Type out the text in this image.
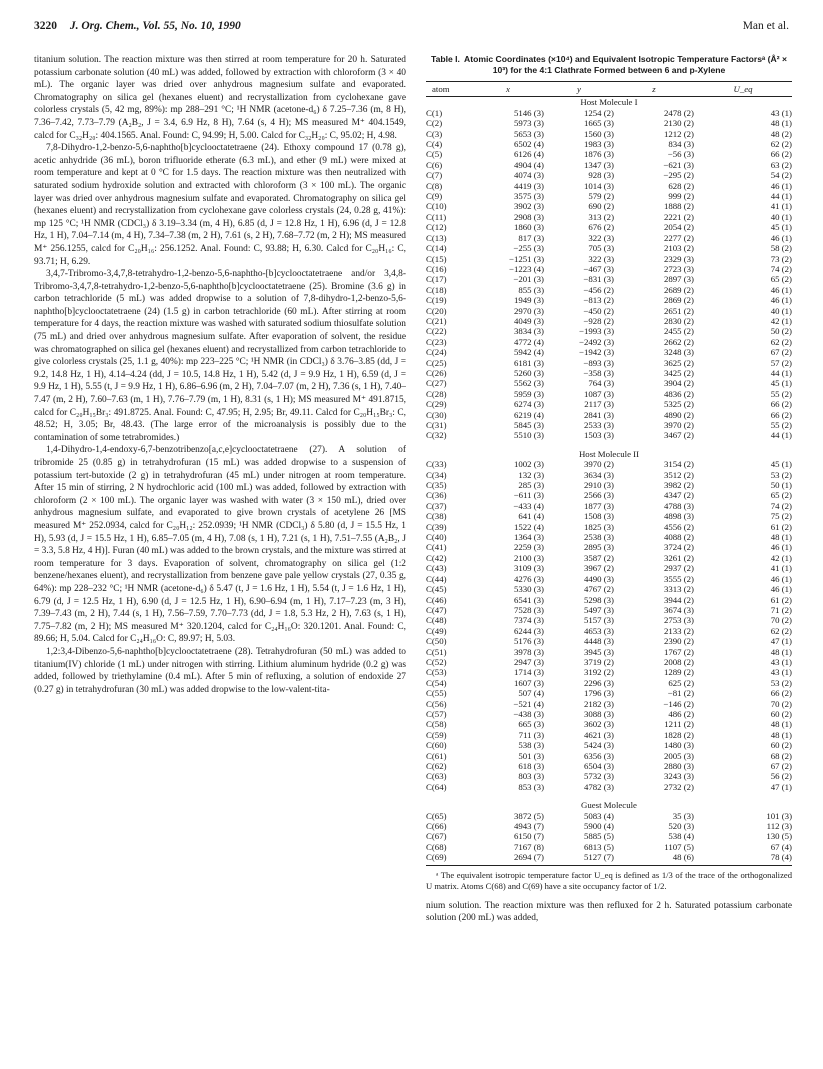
3220 J. Org. Chem., Vol. 55, No. 10, 1990	Man et al.

titanium solution. The reaction mixture was then stirred at room temperature for 20 h. Saturated potassium carbonate solution (40 mL) was added, followed by extraction with chloroform (3 × 40 mL). The organic layer was dried over anhydrous magnesium sulfate and evaporated. Chromatography on silica gel (hexanes eluent) and recrystallization from cyclohexane gave colorless crystals (5, 42 mg, 89%): mp 288–291 °C; ¹H NMR (acetone-d₆) δ 7.25–7.36 (m, 8 H), 7.36–7.42, 7.73–7.79 (A₂B₂, J = 3.4, 6.9 Hz, 8 H), 7.64 (s, 4 H); MS measured M⁺ 404.1549, calcd for C₃₂H₂₀: 404.1565. Anal. Found: C, 94.99; H, 5.00. Calcd for C₃₂H₂₀: C, 95.02; H, 4.98.

7,8-Dihydro-1,2-benzo-5,6-naphtho[b]cyclooctatetraene (24). Ethoxy compound 17 (0.78 g), acetic anhydride (36 mL), boron trifluoride etherate (6.3 mL), and ether (9 mL) were mixed at room temperature and kept at 0 °C for 1.5 days. The reaction mixture was then neutralized with saturated sodium hydroxide solution and extracted with chloroform (3 × 100 mL). The organic layer was dried over anhydrous magnesium sulfate and evaporated. Chromatography on silica gel (hexanes eluent) and recrystallization from cyclohexane gave colorless crystals (24, 0.28 g, 41%): mp 125 °C; ¹H NMR (CDCl₃) δ 3.19–3.34 (m, 4 H), 6.85 (d, J = 12.8 Hz, 1 H), 6.96 (d, J = 12.8 Hz, 1 H), 7.04–7.14 (m, 4 H), 7.34–7.38 (m, 2 H), 7.61 (s, 2 H), 7.68–7.72 (m, 2 H); MS measured M⁺ 256.1255, calcd for C₂₀H₁₆: 256.1252. Anal. Found: C, 93.88; H, 6.30. Calcd for C₂₀H₁₆: C, 93.71; H, 6.29.

3,4,7-Tribromo-3,4,7,8-tetrahydro-1,2-benzo-5,6-naphtho-[b]cyclooctatetraene and/or 3,4,8-Tribromo-3,4,7,8-tetrahydro-1,2-benzo-5,6-naphtho[b]cyclooctatetraene (25). Bromine (3.6 g) in carbon tetrachloride (5 mL) was added dropwise to a solution of 7,8-dihydro-1,2-benzo-5,6-naphtho[b]cyclooctatetraene (24) (1.5 g) in carbon tetrachloride (60 mL). After stirring at room temperature for 4 days, the reaction mixture was washed with saturated sodium thiosulfate solution (75 mL) and dried over anhydrous magnesium sulfate. After evaporation of solvent, the residue was chromatographed on silica gel (hexanes eluent) and recrystallized from carbon tetrachloride to give colorless crystals (25, 1.1 g, 40%): mp 223–225 °C; ¹H NMR (in CDCl₃) δ 3.76–3.85 (dd, J = 9.2, 14.8 Hz, 1 H), 4.14–4.24 (dd, J = 10.5, 14.8 Hz, 1 H), 5.42 (d, J = 9.9 Hz, 1 H), 6.59 (d, J = 9.9 Hz, 1 H), 5.55 (t, J = 9.9 Hz, 1 H), 6.86–6.96 (m, 2 H), 7.04–7.07 (m, 2 H), 7.36 (s, 1 H), 7.40–7.47 (m, 2 H), 7.60–7.63 (m, 1 H), 7.76–7.79 (m, 1 H), 8.31 (s, 1 H); MS measured M⁺ 491.8715, calcd for C₂₀H₁₅Br₃: 491.8725. Anal. Found: C, 47.95; H, 2.95; Br, 49.11. Calcd for C₂₀H₁₅Br₃: C, 48.52; H, 3.05; Br, 48.43. (The large error of the microanalysis is possibly due to the contamination of some tetrabromides.)

1,4-Dihydro-1,4-endoxy-6,7-benzotribenzo[a,c,e]cyclooctatetraene (27). A solution of tribromide 25 (0.85 g) in tetrahydrofuran (15 mL) was added dropwise to a suspension of potassium tert-butoxide (2 g) in tetrahydrofuran (45 mL) under nitrogen at room temperature. After 15 min of stirring, 2 N hydrochloric acid (100 mL) was added, followed by extraction with chloroform (2 × 100 mL). The organic layer was washed with water (3 × 150 mL), dried over anhydrous magnesium sulfate, and evaporated to give brown crystals of acetylene 26 [MS measured M⁺ 252.0934, calcd for C₂₀H₁₂: 252.0939; ¹H NMR (CDCl₃) δ 5.80 (d, J = 15.5 Hz, 1 H), 5.93 (d, J = 15.5 Hz, 1 H), 6.85–7.05 (m, 4 H), 7.08 (s, 1 H), 7.21 (s, 1 H), 7.51–7.55 (A₂B₂, J = 3.3, 5.8 Hz, 4 H)]. Furan (40 mL) was added to the brown crystals, and the mixture was stirred at room temperature for 3 days. Evaporation of solvent, chromatography on silica gel (1:2 benzene/hexanes eluent), and recrystallization from benzene gave pale yellow crystals (27, 0.35 g, 64%): mp 228–232 °C; ¹H NMR (acetone-d₆) δ 5.47 (t, J = 1.6 Hz, 1 H), 5.54 (t, J = 1.6 Hz, 1 H), 6.79 (d, J = 12.5 Hz, 1 H), 6.90 (d, J = 12.5 Hz, 1 H), 6.90–6.94 (m, 1 H), 7.17–7.23 (m, 3 H), 7.39–7.43 (m, 2 H), 7.44 (s, 1 H), 7.56–7.59, 7.70–7.73 (dd, J = 1.8, 5.3 Hz, 2 H), 7.63 (s, 1 H), 7.75–7.82 (m, 2 H); MS measured M⁺ 320.1204, calcd for C₂₄H₁₆O: 320.1201. Anal. Found: C, 89.66; H, 5.04. Calcd for C₂₄H₁₆O: C, 89.97; H, 5.03.

1,2:3,4-Dibenzo-5,6-naphtho[b]cyclooctatetraene (28). Tetrahydrofuran (50 mL) was added to titanium(IV) chloride (1 mL) under nitrogen with stirring. Lithium aluminum hydride (0.2 g) was added, followed by triethylamine (0.4 mL). After 5 min of refluxing, a solution of endoxide 27 (0.27 g) in tetrahydrofuran (30 mL) was added dropwise to the low-valent-tita-

Table I. Atomic Coordinates (×10⁴) and Equivalent Isotropic Temperature Factorsᵃ (Å² × 10³) for the 4:1 Clathrate Formed between 6 and p-Xylene
atom	x	y	z	U_eq
Host Molecule I				
C(1)	5146 (3)	1254 (2)	2478 (2)	43 (1)
C(2)	5973 (3)	1665 (3)	2130 (2)	48 (1)
C(3)	5653 (3)	1560 (3)	1212 (2)	48 (2)
C(4)	6502 (4)	1983 (3)	834 (3)	62 (2)
C(5)	6126 (4)	1876 (3)	−56 (3)	66 (2)
C(6)	4904 (4)	1347 (3)	−621 (3)	63 (2)
C(7)	4074 (3)	928 (3)	−295 (2)	54 (2)
C(8)	4419 (3)	1014 (3)	628 (2)	46 (1)
C(9)	3575 (3)	579 (2)	999 (2)	44 (1)
C(10)	3902 (3)	690 (2)	1888 (2)	41 (1)
C(11)	2908 (3)	313 (2)	2221 (2)	40 (1)
C(12)	1860 (3)	676 (2)	2054 (2)	45 (1)
C(13)	817 (3)	322 (3)	2277 (2)	46 (1)
C(14)	−255 (3)	705 (3)	2103 (2)	58 (2)
C(15)	−1251 (3)	322 (3)	2329 (3)	73 (2)
C(16)	−1223 (4)	−467 (3)	2723 (3)	74 (2)
C(17)	−201 (3)	−831 (3)	2897 (3)	65 (2)
C(18)	855 (3)	−456 (2)	2689 (2)	46 (1)
C(19)	1949 (3)	−813 (2)	2869 (2)	46 (1)
C(20)	2970 (3)	−450 (2)	2651 (2)	40 (1)
C(21)	4049 (3)	−928 (2)	2830 (2)	42 (1)
C(22)	3834 (3)	−1993 (3)	2455 (2)	50 (2)
C(23)	4772 (4)	−2492 (3)	2662 (2)	62 (2)
C(24)	5942 (4)	−1942 (3)	3248 (3)	67 (2)
C(25)	6181 (3)	−893 (3)	3625 (2)	57 (2)
C(26)	5260 (3)	−358 (3)	3425 (2)	44 (1)
C(27)	5562 (3)	764 (3)	3904 (2)	45 (1)
C(28)	5959 (3)	1087 (3)	4836 (2)	55 (2)
C(29)	6274 (3)	2117 (3)	5325 (2)	66 (2)
C(30)	6219 (4)	2841 (3)	4890 (2)	66 (2)
C(31)	5845 (3)	2533 (3)	3970 (2)	55 (2)
C(32)	5510 (3)	1503 (3)	3467 (2)	44 (1)

Host Molecule II				
C(33)	1002 (3)	3970 (2)	3154 (2)	45 (1)
C(34)	132 (3)	3634 (3)	3512 (2)	53 (2)
C(35)	285 (3)	2910 (3)	3982 (2)	50 (1)
C(36)	−611 (3)	2566 (3)	4347 (2)	65 (2)
C(37)	−433 (4)	1877 (3)	4788 (3)	74 (2)
C(38)	641 (4)	1508 (3)	4898 (3)	75 (2)
C(39)	1522 (4)	1825 (3)	4556 (2)	61 (2)
C(40)	1364 (3)	2538 (3)	4088 (2)	48 (1)
C(41)	2259 (3)	2895 (3)	3724 (2)	46 (1)
C(42)	2100 (3)	3587 (2)	3261 (2)	42 (1)
C(43)	3109 (3)	3967 (2)	2937 (2)	41 (1)
C(44)	4276 (3)	4490 (3)	3555 (2)	46 (1)
C(45)	5330 (3)	4767 (2)	3313 (2)	46 (1)
C(46)	6541 (3)	5298 (3)	3944 (2)	61 (2)
C(47)	7528 (3)	5497 (3)	3674 (3)	71 (2)
C(48)	7374 (3)	5157 (3)	2753 (3)	70 (2)
C(49)	6244 (3)	4653 (3)	2133 (2)	62 (2)
C(50)	5176 (3)	4448 (3)	2390 (2)	47 (1)
C(51)	3978 (3)	3945 (3)	1767 (2)	48 (1)
C(52)	2947 (3)	3719 (2)	2008 (2)	43 (1)
C(53)	1714 (3)	3192 (2)	1289 (2)	43 (1)
C(54)	1607 (3)	2296 (3)	625 (2)	53 (2)
C(55)	507 (4)	1796 (3)	−81 (2)	66 (2)
C(56)	−521 (4)	2182 (3)	−146 (2)	70 (2)
C(57)	−438 (3)	3088 (3)	486 (2)	60 (2)
C(58)	665 (3)	3602 (3)	1211 (2)	48 (1)
C(59)	711 (3)	4621 (3)	1828 (2)	48 (1)
C(60)	538 (3)	5424 (3)	1480 (3)	60 (2)
C(61)	501 (3)	6356 (3)	2005 (3)	68 (2)
C(62)	618 (3)	6504 (3)	2880 (3)	67 (2)
C(63)	803 (3)	5732 (3)	3243 (3)	56 (2)
C(64)	853 (3)	4782 (3)	2732 (2)	47 (1)

Guest Molecule				
C(65)	3872 (5)	5083 (4)	35 (3)	101 (3)
C(66)	4943 (7)	5900 (4)	520 (3)	112 (3)
C(67)	6150 (7)	5885 (5)	538 (4)	130 (5)
C(68)	7167 (8)	6813 (5)	1107 (5)	67 (4)
C(69)	2694 (7)	5127 (7)	48 (6)	78 (4)
ᵃ The equivalent isotropic temperature factor U_eq is defined as 1/3 of the trace of the orthogonalized U matrix. Atoms C(68) and C(69) have a site occupancy factor of 1/2.
nium solution. The reaction mixture was then refluxed for 2 h. Saturated potassium carbonate solution (200 mL) was added,
